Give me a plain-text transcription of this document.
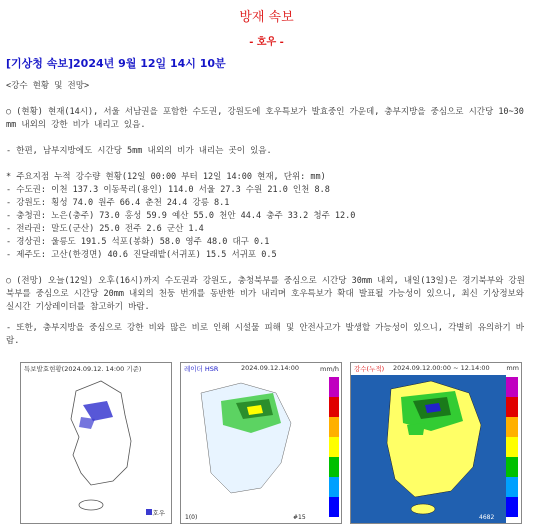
방재 속보
- 호우 -
[기상청 속보]2024년 9월 12일 14시 10분
<강수 현황 및 전망>
○ (현황) 현재(14시), 서울 서남권을 포함한 수도권, 강원도에 호우특보가 발효중인 가운데, 충부지방을 중심으로 시간당 10~30mm 내외의 강한 비가 내리고 있음.
- 한편, 남부지방에도 시간당 5mm 내외의 비가 내리는 곳이 있음.
* 주요지점 누적 강수량 현황(12일 00:00 부터 12일 14:00 현재, 단위: mm)
- 수도권: 이천 137.3 이동묵리(용인) 114.0 서울 27.3 수원 21.0 인천 8.8
- 강원도: 횡성 74.0 원주 66.4 춘천 24.4 강릉 8.1
- 충청권: 노은(충주) 73.0 홍성 59.9 예산 55.0 천안 44.4 충주 33.2 청주 12.0
- 전라권: 말도(군산) 25.0 전주 2.6 군산 1.4
- 경상권: 울릉도 191.5 석포(봉화) 58.0 영주 48.0 대구 0.1
- 제주도: 고산(한경면) 40.6 진달래밭(서귀포) 15.5 서귀포 0.5
○ (전망) 오늘(12일) 오후(16시)까지 수도권과 강원도, 충청북부를 중심으로 시간당 30mm 내외, 내일(13일)은 경기북부와 강원북부를 중심으로 시간당 20mm 내외의 천둥 번개를 동반한 비가 내리며 호우특보가 확대 발표될 가능성이 있으니, 최신 기상정보와 실시간 기상레이더를 참고하기 바람.
- 또한, 충부지방을 중심으로 강한 비와 많은 비로 인해 시설물 피해 및 안전사고가 발생할 가능성이 있으니, 각별히 유의하기 바람.
특보발효현황(2024.09.12. 14:00 기준)
호우
레이더 HSR	2024.09.12.14:00	mm/h
1(0)	#15
강수(누적) 2024.09.12.00:00 ~ 12.14:00	mm
4682
